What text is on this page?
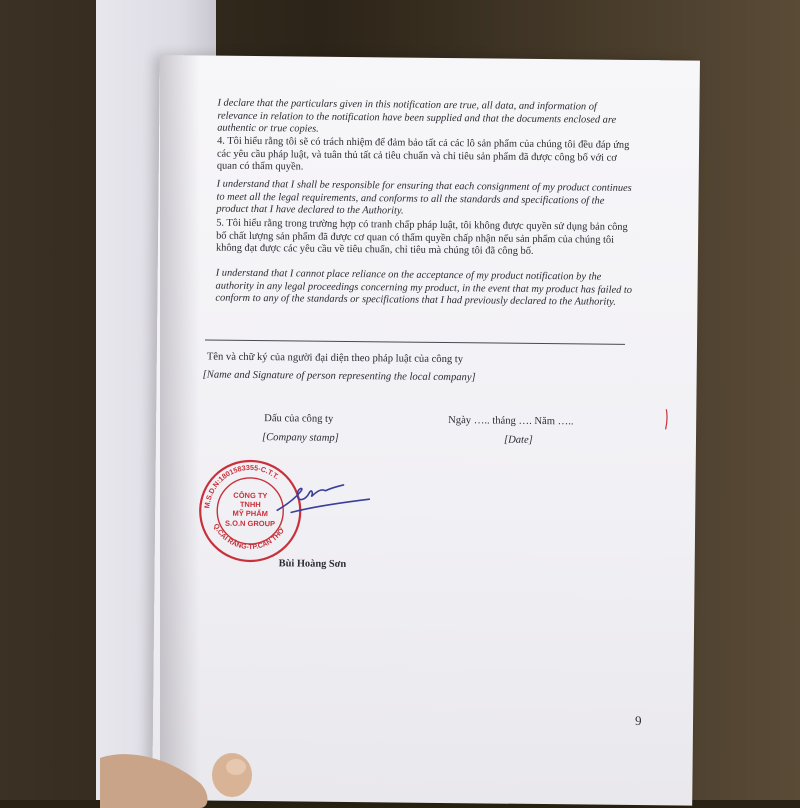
I declare that the particulars given in this notification are true, all data, and information of relevance in relation to the notification have been supplied and that the documents enclosed are authentic or true copies.
4. Tôi hiểu rằng tôi sẽ có trách nhiệm để đảm bảo tất cả các lô sản phẩm của chúng tôi đều đáp ứng các yêu cầu pháp luật, và tuân thủ tất cả tiêu chuẩn và chỉ tiêu sản phẩm đã được công bố với cơ quan có thẩm quyền.
I understand that I shall be responsible for ensuring that each consignment of my product continues to meet all the legal requirements, and conforms to all the standards and specifications of the product that I have declared to the Authority.
5. Tôi hiểu rằng trong trường hợp có tranh chấp pháp luật, tôi không được quyền sử dụng bản công bố chất lượng sản phẩm đã được cơ quan có thẩm quyền chấp nhận nếu sản phẩm của chúng tôi không đạt được các yêu cầu về tiêu chuẩn, chỉ tiêu mà chúng tôi đã công bố.
I understand that I cannot place reliance on the acceptance of my product notification by the authority in any legal proceedings concerning my product, in the event that my product has failed to conform to any of the standards or specifications that I had previously declared to the Authority.
Tên và chữ ký của người đại diện theo pháp luật của công ty
[Name and Signature of person representing the local company]
Dấu của công ty
[Company stamp]
Ngày ….. tháng …. Năm …..
[Date]
M.S.D.N:1801583355-C.T.T.
Q.CÁI RĂNG-TP.CẦN THƠ
CÔNG TY
TNHH
MỸ PHẨM
S.O.N GROUP
Bùi Hoàng Sơn
9
